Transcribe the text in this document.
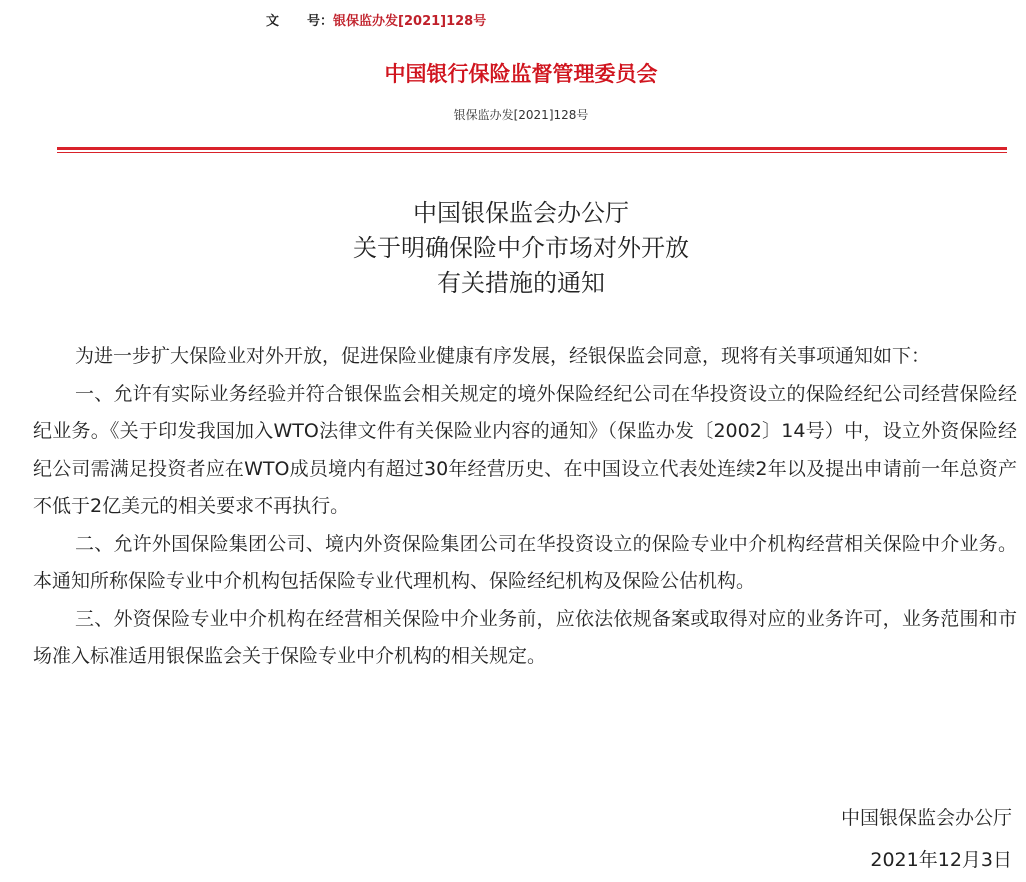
文 号：银保监办发[2021]128号
中国银行保险监督管理委员会
银保监办发[2021]128号
中国银保监会办公厅
关于明确保险中介市场对外开放
有关措施的通知

为进一步扩大保险业对外开放，促进保险业健康有序发展，经银保监会同意，现将有关事项通知如下：

一、允许有实际业务经验并符合银保监会相关规定的境外保险经纪公司在华投资设立的保险经纪公司经营保险经纪业务。《关于印发我国加入WTO法律文件有关保险业内容的通知》（保监办发〔2002〕14号）中，设立外资保险经纪公司需满足投资者应在WTO成员境内有超过30年经营历史、在中国设立代表处连续2年以及提出申请前一年总资产不低于2亿美元的相关要求不再执行。

二、允许外国保险集团公司、境内外资保险集团公司在华投资设立的保险专业中介机构经营相关保险中介业务。本通知所称保险专业中介机构包括保险专业代理机构、保险经纪机构及保险公估机构。

三、外资保险专业中介机构在经营相关保险中介业务前，应依法依规备案或取得对应的业务许可，业务范围和市场准入标准适用银保监会关于保险专业中介机构的相关规定。

中国银保监会办公厅
2021年12月3日
